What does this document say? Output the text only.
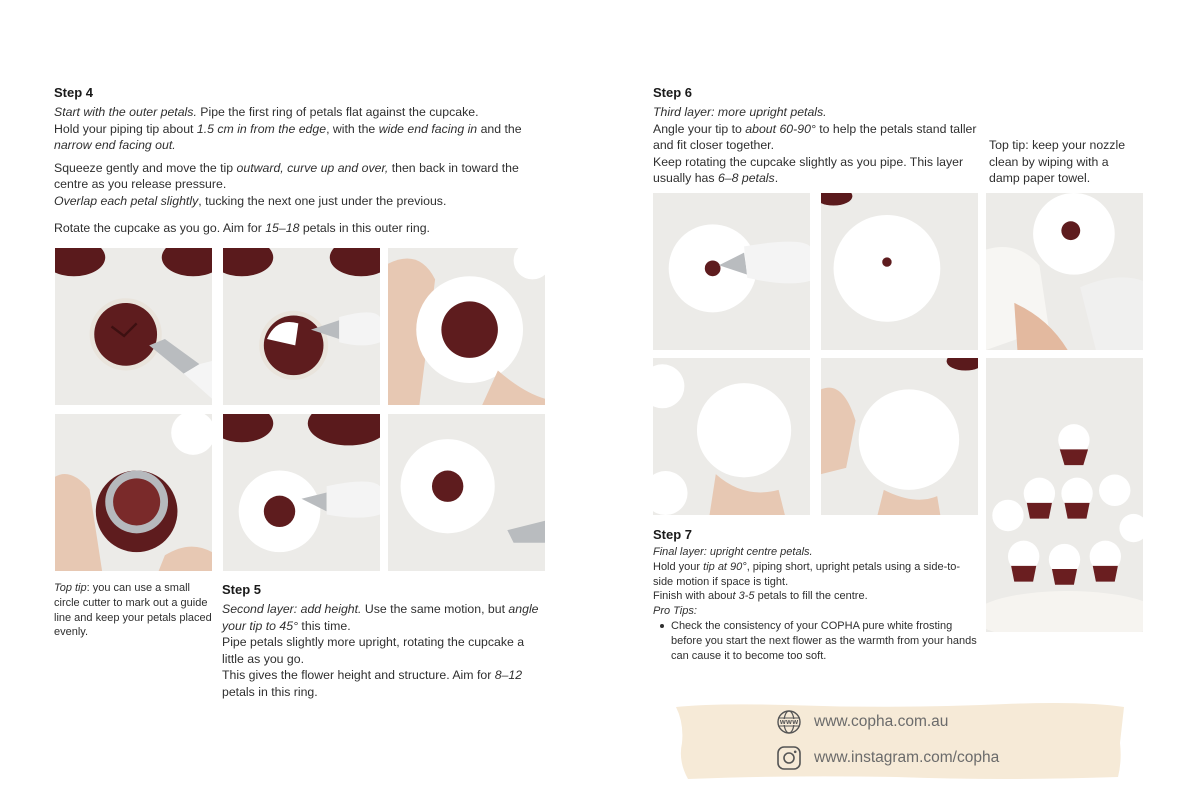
Step 4
Start with the outer petals. Pipe the first ring of petals flat against the cupcake.
Hold your piping tip about 1.5 cm in from the edge, with the wide end facing in and the narrow end facing out.
Squeeze gently and move the tip outward, curve up and over, then back in toward the centre as you release pressure.
Overlap each petal slightly, tucking the next one just under the previous.
Rotate the cupcake as you go. Aim for 15–18 petals in this outer ring.
Top tip: you can use a small circle cutter to mark out a guide line and keep your petals placed evenly.
Step 5
Second layer: add height. Use the same motion, but angle your tip to 45° this time.
Pipe petals slightly more upright, rotating the cupcake a little as you go.
This gives the flower height and structure. Aim for 8–12 petals in this ring.
Step 6
Third layer: more upright petals.
Angle your tip to about 60-90° to help the petals stand taller and fit closer together.
Keep rotating the cupcake slightly as you pipe. This layer usually has 6–8 petals.
Top tip: keep your nozzle clean by wiping with a damp paper towel.
Step 7
Final layer: upright centre petals.
Hold your tip at 90°, piping short, upright petals using a side-to-side motion if space is tight.
Finish with about 3-5 petals to fill the centre.
Pro Tips:
Check the consistency of your COPHA pure white frosting before you start the next flower as the warmth from your hands can cause it to become too soft.
WWW www.copha.com.au
www.instagram.com/copha
